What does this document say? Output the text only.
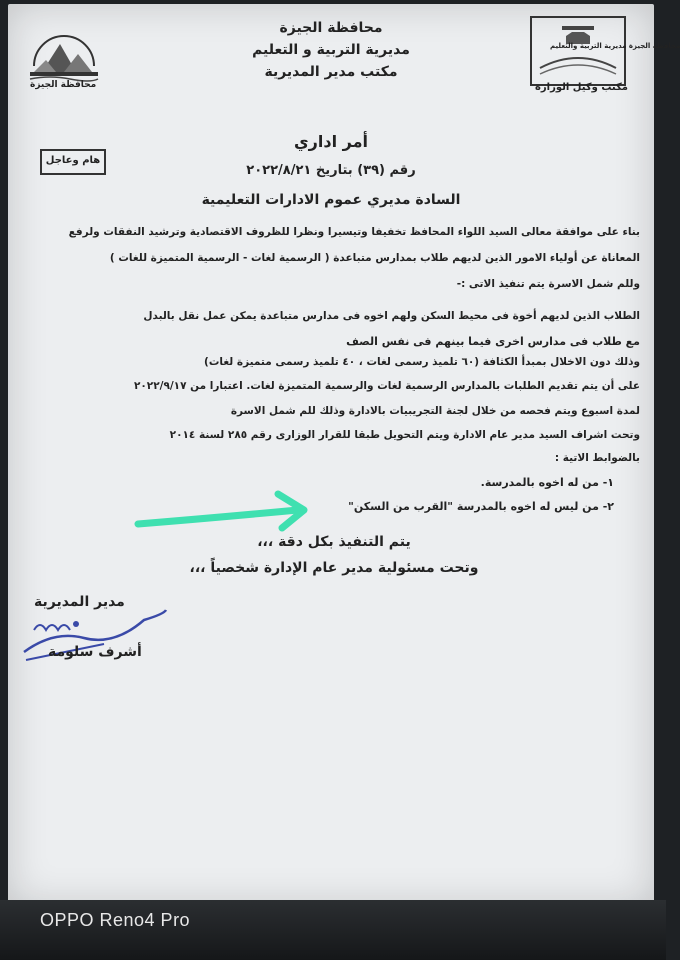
محافظة الجيزة
محافظة الجيزة مديرية التربية والتعليم
مكتب وكيل الوزارة
محافظة الجيزة
مديرية التربية و التعليم
مكتب مدير المديرية
هام وعاجل
أمر اداري
رقم (٣٩) بتاريخ ٢٠٢٢/٨/٢١
السادة مديري عموم الادارات التعليمية
بناء على موافقة معالى السيد اللواء المحافظ تخفيفا وتيسيرا ونظرا للظروف الاقتصادية وترشيد النفقات ولرفع
المعاناة عن أولياء الامور الذين لديهم طلاب بمدارس متباعدة ( الرسمية لغات - الرسمية المتميزة للغات )
وللم شمل الاسرة يتم تنفيذ الاتى :-
الطلاب الذين لديهم أخوة فى محيط السكن ولهم اخوه فى مدارس متباعدة يمكن عمل نقل بالبدل
مع طلاب فى مدارس اخرى فيما بينهم فى نفس الصف
وذلك دون الاخلال بمبدأ الكثافة (٦٠ تلميذ رسمى لغات ، ٤٠ تلميذ رسمى متميزة لغات)
على أن يتم تقديم الطلبات بالمدارس الرسمية لغات والرسمية المتميزة لغات. اعتبارا من ٢٠٢٢/٩/١٧
لمدة اسبوع ويتم فحصه من خلال لجنة التجريبيات بالادارة وذلك للم شمل الاسرة
وتحت اشراف السيد مدير عام الادارة ويتم التحويل طبقا للقرار الوزارى رقم ٢٨٥ لسنة ٢٠١٤
بالضوابط الاتية :
١- من له اخوه بالمدرسة.
٢- من ليس له اخوه بالمدرسة "القرب من السكن"
يتم التنفيذ بكل دقة ،،،
وتحت مسئولية مدير عام الإدارة شخصياً ،،،
مدير المديرية
أشرف سلومة
OPPO Reno4 Pro
